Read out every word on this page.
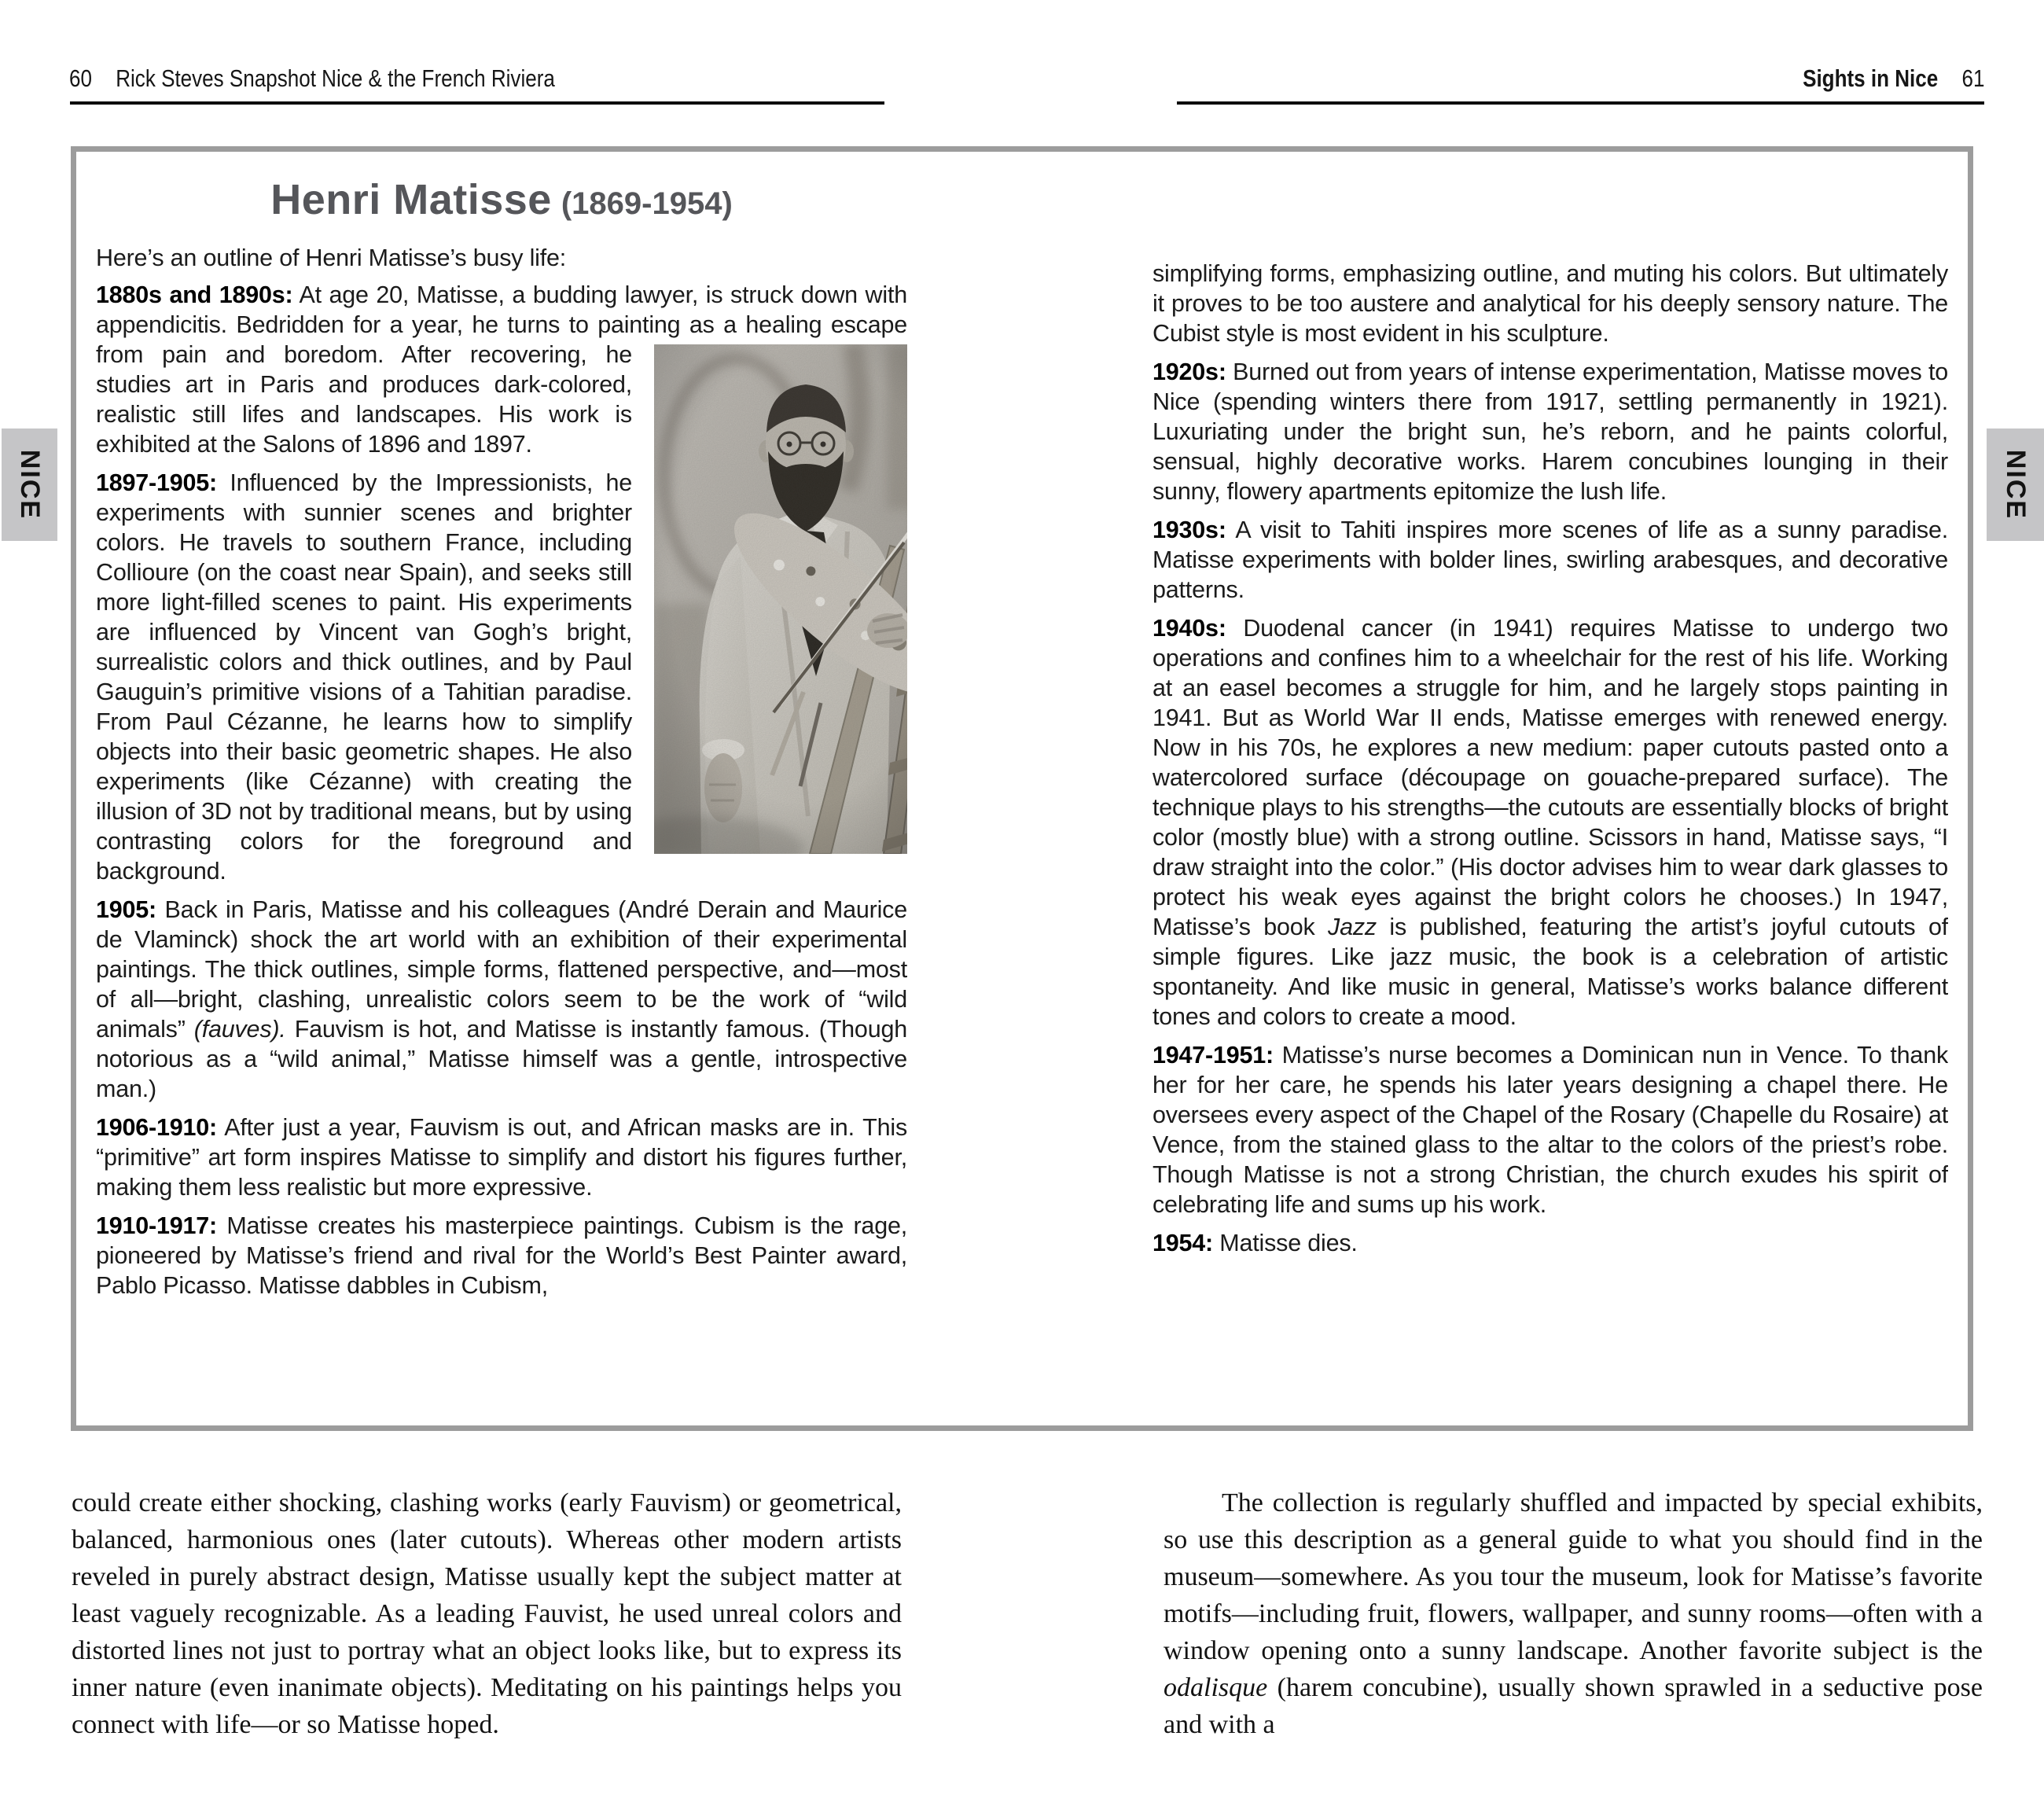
60 Rick Steves Snapshot Nice & the French Riviera	Sights in Nice 61
NICE	NICE
Henri Matisse (1869-1954)

Here’s an outline of Henri Matisse’s busy life:

1880s and 1890s: At age 20, Matisse, a budding lawyer, is struck down with appendicitis. Bedridden for a year, he turns to painting
as a healing escape from pain and boredom. After recovering, he studies art in Paris and produces dark-colored, realistic still lifes and landscapes. His work is exhibited at the Salons of 1896 and 1897.

1897-1905: Influenced by the Impressionists, he experiments with sunnier scenes and brighter colors. He travels to southern France, including Collioure (on the coast near Spain), and seeks still more light-filled scenes to paint. His experiments are influenced by Vincent van Gogh’s bright, surrealistic colors and thick outlines, and by Paul Gauguin’s primitive visions of a Tahitian paradise. From Paul Cézanne, he learns how to simplify objects into their basic geometric shapes. He also experiments (like Cézanne) with creating the illusion of 3D not by traditional means, but by using contrasting colors for the foreground and background.

1905: Back in Paris, Matisse and his colleagues (André Derain and Maurice de Vlaminck) shock the art world with an exhibition of their experimental paintings. The thick outlines, simple forms, flattened perspective, and—most of all—bright, clashing, unrealistic colors seem to be the work of “wild animals” (fauves). Fauvism is hot, and Matisse is instantly famous. (Though notorious as a “wild animal,” Matisse himself was a gentle, introspective man.)

1906-1910: After just a year, Fauvism is out, and African masks are in. This “primitive” art form inspires Matisse to simplify and distort his figures further, making them less realistic but more expressive.

1910-1917: Matisse creates his masterpiece paintings. Cubism is the rage, pioneered by Matisse’s friend and rival for the World’s Best Painter award, Pablo Picasso. Matisse dabbles in Cubism,

simplifying forms, emphasizing outline, and muting his colors. But ultimately it proves to be too austere and analytical for his deeply sensory nature. The Cubist style is most evident in his sculpture.

1920s: Burned out from years of intense experimentation, Matisse moves to Nice (spending winters there from 1917, settling permanently in 1921). Luxuriating under the bright sun, he’s reborn, and he paints colorful, sensual, highly decorative works. Harem concubines lounging in their sunny, flowery apartments epitomize the lush life.

1930s: A visit to Tahiti inspires more scenes of life as a sunny paradise. Matisse experiments with bolder lines, swirling arabesques, and decorative patterns.

1940s: Duodenal cancer (in 1941) requires Matisse to undergo two operations and confines him to a wheelchair for the rest of his life. Working at an easel becomes a struggle for him, and he largely stops painting in 1941. But as World War II ends, Matisse emerges with renewed energy. Now in his 70s, he explores a new medium: paper cutouts pasted onto a watercolored surface (découpage on gouache-prepared surface). The technique plays to his strengths—the cutouts are essentially blocks of bright color (mostly blue) with a strong outline. Scissors in hand, Matisse says, “I draw straight into the color.” (His doctor advises him to wear dark glasses to protect his weak eyes against the bright colors he chooses.) In 1947, Matisse’s book Jazz is published, featuring the artist’s joyful cutouts of simple figures. Like jazz music, the book is a celebration of artistic spontaneity. And like music in general, Matisse’s works balance different tones and colors to create a mood.

1947-1951: Matisse’s nurse becomes a Dominican nun in Vence. To thank her for her care, he spends his later years designing a chapel there. He oversees every aspect of the Chapel of the Rosary (Chapelle du Rosaire) at Vence, from the stained glass to the altar to the colors of the priest’s robe. Though Matisse is not a strong Christian, the church exudes his spirit of celebrating life and sums up his work.

1954: Matisse dies.

could create either shocking, clashing works (early Fauvism) or geometrical, balanced, harmonious ones (later cutouts). Whereas other modern artists reveled in purely abstract design, Matisse usually kept the subject matter at least vaguely recognizable. As a leading Fauvist, he used unreal colors and distorted lines not just to portray what an object looks like, but to express its inner nature (even inanimate objects). Meditating on his paintings helps you connect with life—or so Matisse hoped.

The collection is regularly shuffled and impacted by special exhibits, so use this description as a general guide to what you should find in the museum—somewhere. As you tour the museum, look for Matisse’s favorite motifs—including fruit, flowers, wallpaper, and sunny rooms—often with a window opening onto a sunny landscape. Another favorite subject is the odalisque (harem concubine), usually shown sprawled in a seductive pose and with a
